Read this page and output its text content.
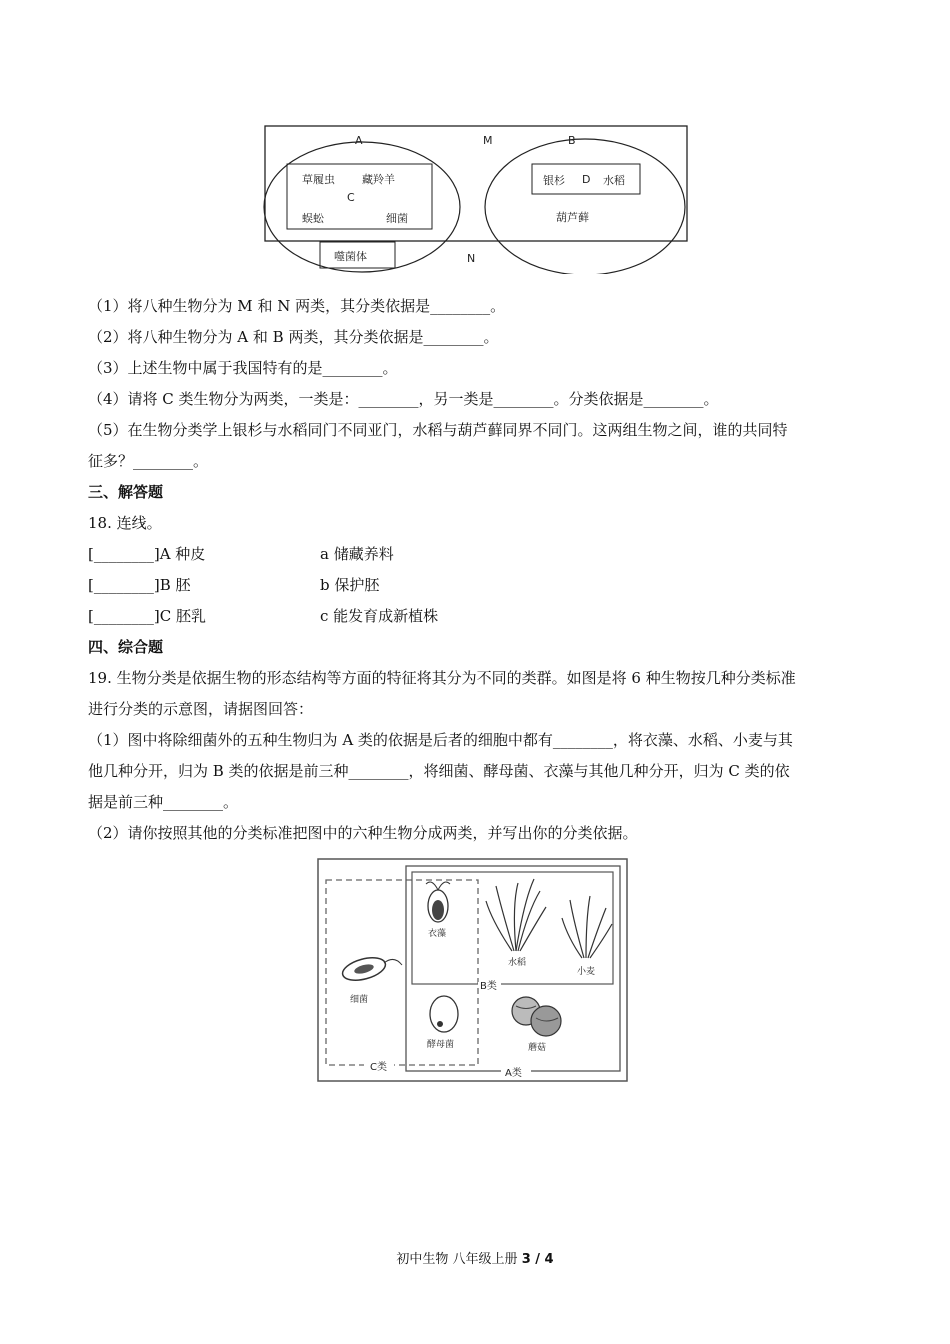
A	M	B
N
草履虫 藏羚羊
C
蜈蚣	细菌
银杉 D 水稻
葫芦藓
噬菌体
（1）将八种生物分为 M 和 N 两类，其分类依据是________。
（2）将八种生物分为 A 和 B 两类，其分类依据是________。
（3）上述生物中属于我国特有的是________。
（4）请将 C 类生物分为两类，一类是：________，另一类是________。分类依据是________。
（5）在生物分类学上银杉与水稻同门不同亚门，水稻与葫芦藓同界不同门。这两组生物之间，谁的共同特
征多？________。
三、解答题
18. 连线。
[________]A 种皮	a 储藏养料
[________]B 胚	b 保护胚
[________]C 胚乳	c 能发育成新植株
四、综合题
19. 生物分类是依据生物的形态结构等方面的特征将其分为不同的类群。如图是将 6 种生物按几种分类标准
进行分类的示意图，请据图回答：
（1）图中将除细菌外的五种生物归为 A 类的依据是后者的细胞中都有________，将衣藻、水稻、小麦与其
他几种分开，归为 B 类的依据是前三种________，将细菌、酵母菌、衣藻与其他几种分开，归为 C 类的依
据是前三种________。
（2）请你按照其他的分类标准把图中的六种生物分成两类，并写出你的分类依据。
细菌
衣藻
水稻
小麦
酵母菌	蘑菇
B类
C类
A类
初中生物 八年级上册 3 / 4
